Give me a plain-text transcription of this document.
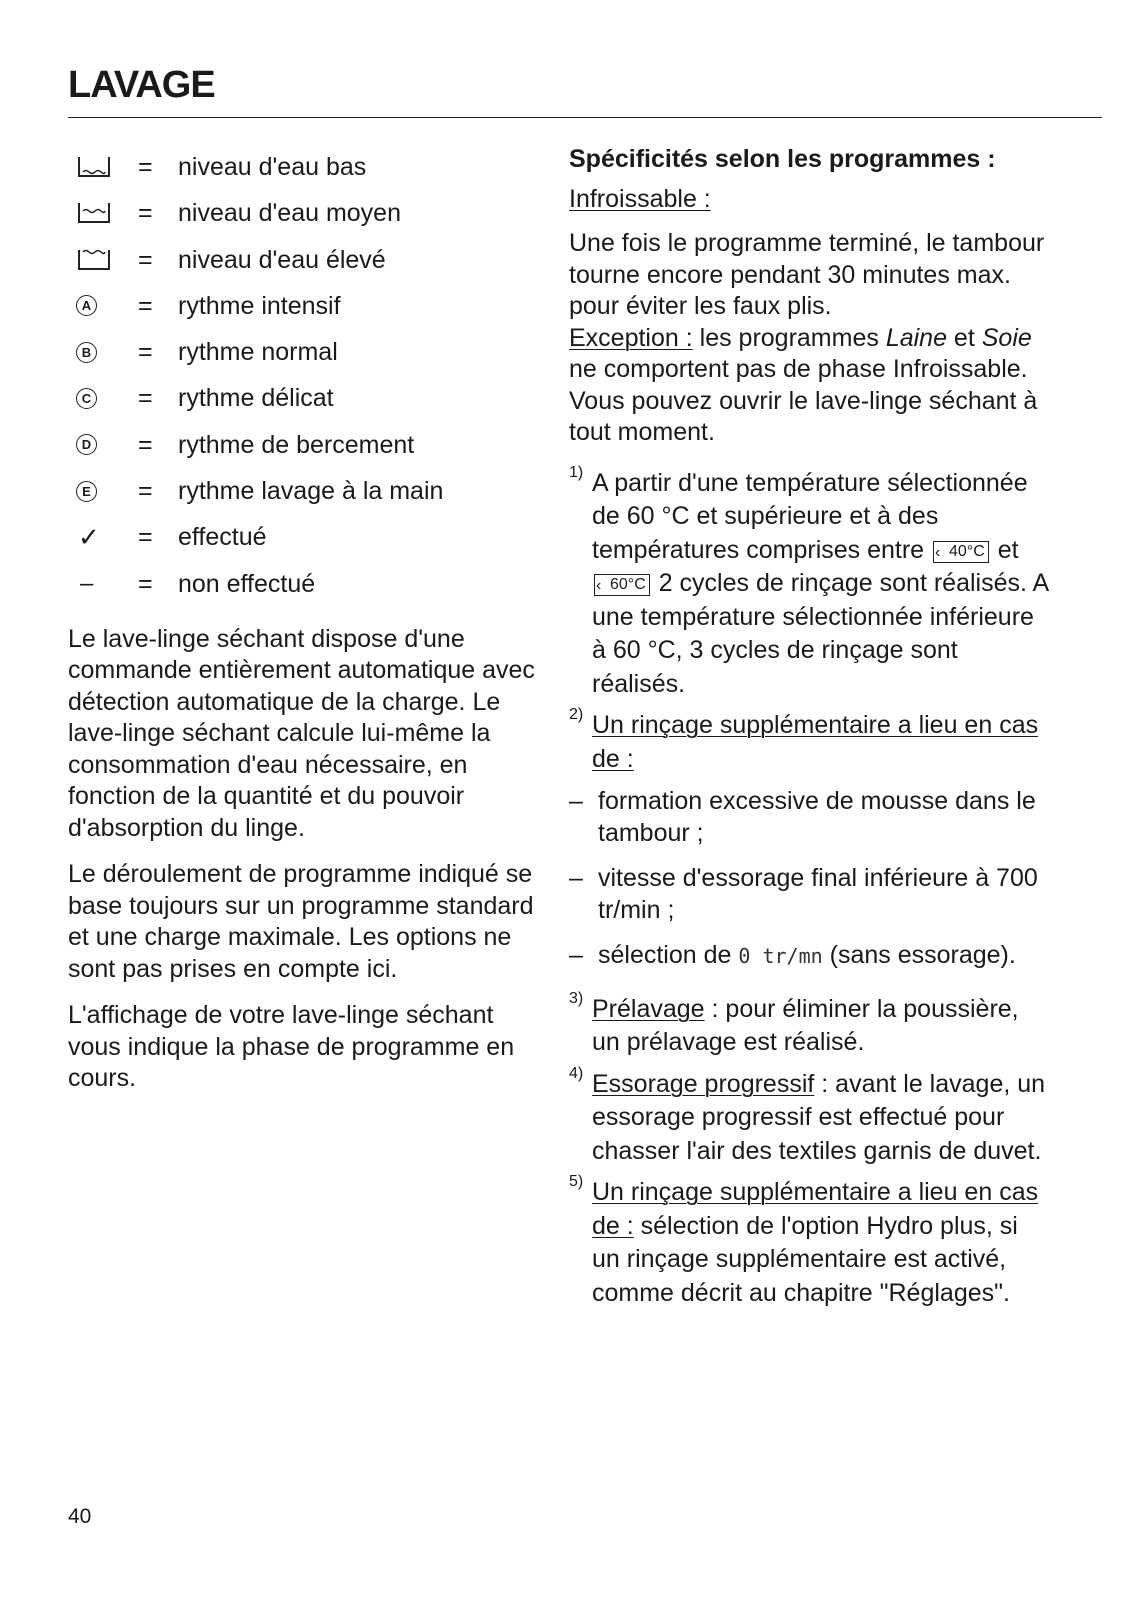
LAVAGE
= niveau d'eau bas
= niveau d'eau moyen
= niveau d'eau élevé
A = rythme intensif
B = rythme normal
C = rythme délicat
D = rythme de bercement
E = rythme lavage à la main
✓	= effectué
–	= non effectué

Le lave-linge séchant dispose d'une commande entièrement automatique avec détection automatique de la charge. Le lave-linge séchant calcule lui-même la consommation d'eau nécessaire, en fonction de la quantité et du pouvoir d'absorption du linge.

Le déroulement de programme indiqué se base toujours sur un programme standard et une charge maximale. Les options ne sont pas prises en compte ici.

L'affichage de votre lave-linge séchant vous indique la phase de programme en cours.

Spécificités selon les programmes :

Infroissable :

Une fois le programme terminé, le tambour tourne encore pendant 30 minutes max. pour éviter les faux plis.

Exception : les programmes Laine et Soie ne comportent pas de phase Infroissable.

Vous pouvez ouvrir le lave-linge séchant à tout moment.

1) A partir d'une température sélectionnée de 60 °C et supérieure et à des températures comprises entre ‹ 40°C et
‹ 60°C 2 cycles de rinçage sont réalisés. A une température sélectionnée inférieure à 60 °C, 3 cycles de rinçage sont réalisés.
2) Un rinçage supplémentaire a lieu en cas de :
– formation excessive de mousse dans le tambour ;
– vitesse d'essorage final inférieure à 700 tr/min ;
– sélection de 0 tr/mn (sans essorage).
3) Prélavage : pour éliminer la poussière, un prélavage est réalisé.
4) Essorage progressif : avant le lavage, un essorage progressif est effectué pour chasser l'air des textiles garnis de duvet.
5) Un rinçage supplémentaire a lieu en cas de : sélection de l'option Hydro plus, si un rinçage supplémentaire est activé, comme décrit au chapitre "Réglages".
40
